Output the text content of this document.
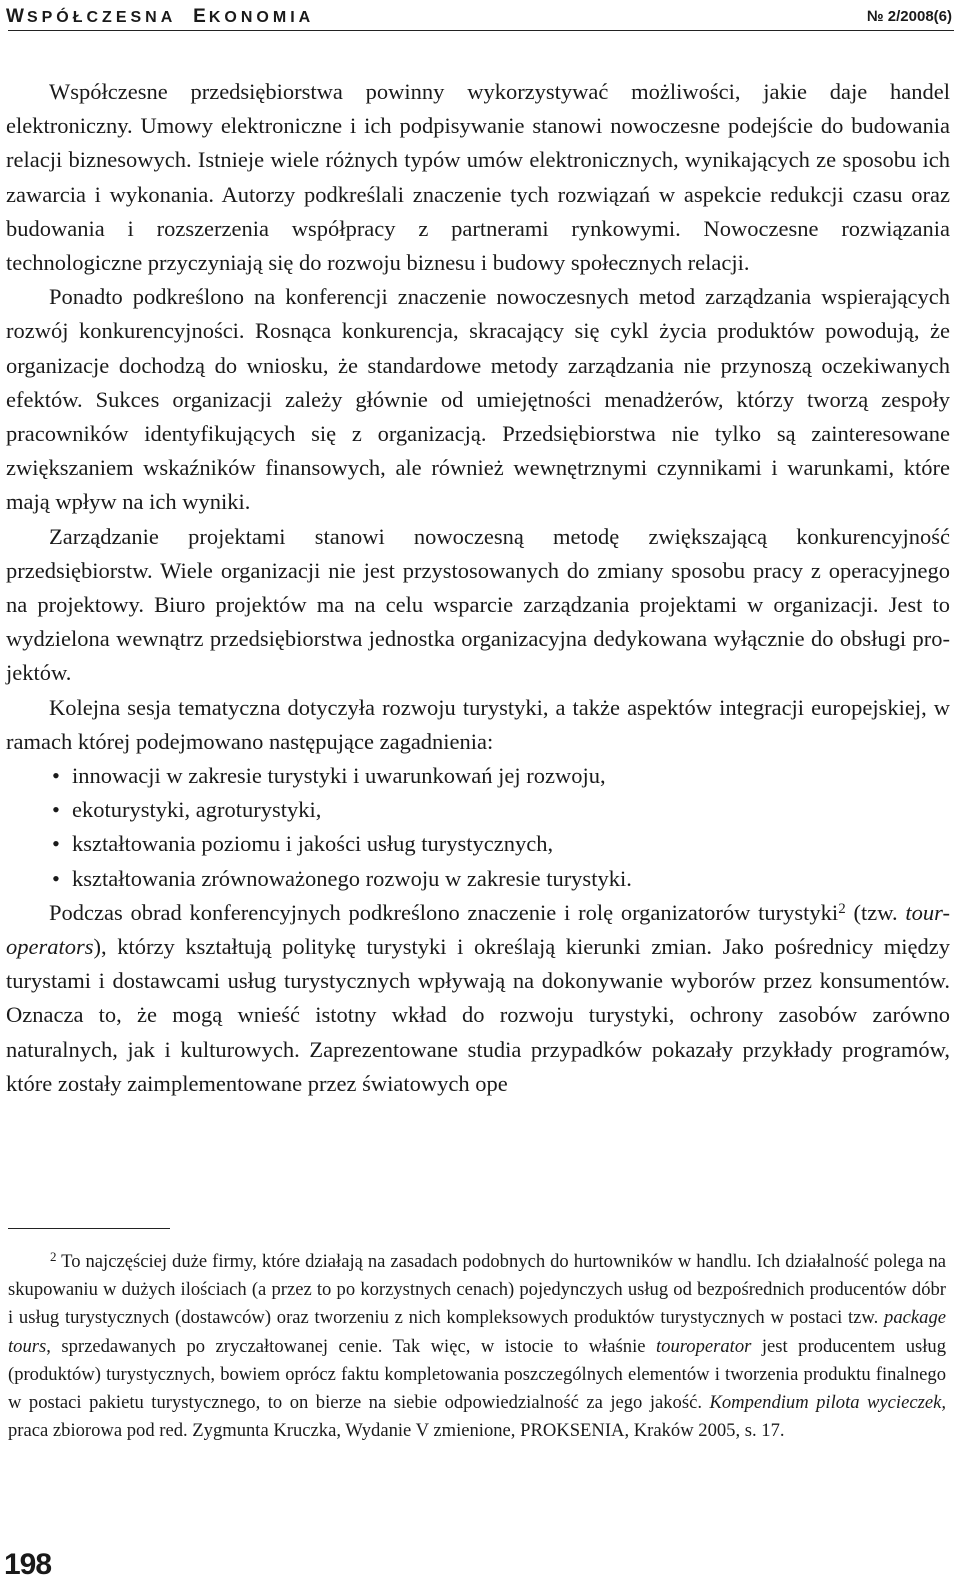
WSPÓŁCZESNA EKONOMIA	№ 2/2008(6)

Współczesne przedsiębiorstwa powinny wykorzystywać możliwości, jakie daje handel elektroniczny. Umowy elektroniczne i ich podpisywanie stanowi nowoczesne podejście do budowania relacji biznesowych. Istnieje wiele różnych typów umów elektronicznych, wynikających ze sposobu ich zawarcia i wykonania. Autorzy podkreślali znaczenie tych rozwiązań w aspekcie redukcji czasu oraz budowania i rozszerzenia współpracy z partnerami rynkowymi. Nowoczesne rozwiązania technologiczne przyczyniają się do rozwoju biznesu i budowy społecznych relacji.

Ponadto podkreślono na konferencji znaczenie nowoczesnych metod zarządzania wspierających rozwój konkurencyjności. Rosnąca konkurencja, skracający się cykl życia produktów powodują, że organizacje dochodzą do wniosku, że standardowe metody zarządzania nie przynoszą oczekiwanych efektów. Sukces organizacji zależy głównie od umiejętności menadżerów, którzy tworzą zespoły pracowników identyfikujących się z organizacją. Przedsiębiorstwa nie tylko są zainteresowane zwiększaniem wskaźników finansowych, ale również wewnętrznymi czynnikami i warunkami, które mają wpływ na ich wyniki.

Zarządzanie projektami stanowi nowoczesną metodę zwiększającą konkurencyjność przedsiębiorstw. Wiele organizacji nie jest przystosowanych do zmiany sposobu pracy z operacyjnego na projektowy. Biuro projektów ma na celu wsparcie zarządzania projektami w organizacji. Jest to wydzielona wewnątrz przedsiębiorstwa jednostka organizacyjna dedykowana wyłącznie do obsługi projektów.

Kolejna sesja tematyczna dotyczyła rozwoju turystyki, a także aspektów integracji europejskiej, w ramach której podejmowano następujące zagadnienia:

• innowacji w zakresie turystyki i uwarunkowań jej rozwoju,
• ekoturystyki, agroturystyki,
• kształtowania poziomu i jakości usług turystycznych,
• kształtowania zrównoważonego rozwoju w zakresie turystyki.

Podczas obrad konferencyjnych podkreślono znaczenie i rolę organizatorów turystyki$^2$ (tzw. tour-operators), którzy kształtują politykę turystyki i określają kierunki zmian. Jako pośrednicy między turystami i dostawcami usług turystycznych wpływają na dokonywanie wyborów przez konsumentów. Oznacza to, że mogą wnieść istotny wkład do rozwoju turystyki, ochrony zasobów zarówno naturalnych, jak i kulturowych. Zaprezentowane studia przypadków pokazały przykłady programów, które zostały zaimplementowane przez światowych ope

$^2$ To najczęściej duże firmy, które działają na zasadach podobnych do hurtowników w handlu. Ich działalność polega na skupowaniu w dużych ilościach (a przez to po korzystnych cenach) pojedynczych usług od bezpośrednich producentów dóbr i usług turystycznych (dostawców) oraz tworzeniu z nich kompleksowych produktów turystycznych w postaci tzw. package tours, sprzedawanych po zryczałtowanej cenie. Tak więc, w istocie to właśnie touroperator jest producentem usług (produktów) turystycznych, bowiem oprócz faktu kompletowania poszczególnych elementów i tworzenia produktu finalnego w postaci pakietu turystycznego, to on bierze na siebie odpowiedzialność za jego jakość. Kompendium pilota wycieczek, praca zbiorowa pod red. Zygmunta Kruczka, Wydanie V zmienione, PROKSENIA, Kraków 2005, s. 17.

198
